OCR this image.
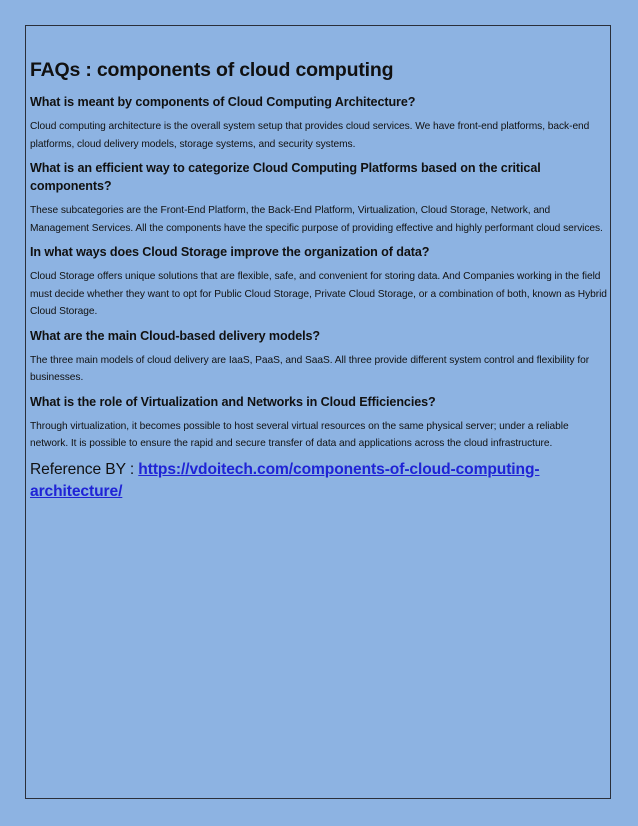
FAQs : components of cloud computing
What is meant by components of Cloud Computing Architecture?

Cloud computing architecture is the overall system setup that provides cloud services. We have front-end platforms, back-end platforms, cloud delivery models, storage systems, and security systems.

What is an efficient way to categorize Cloud Computing Platforms based on the critical components?

These subcategories are the Front-End Platform, the Back-End Platform, Virtualization, Cloud Storage, Network, and Management Services. All the components have the specific purpose of providing effective and highly performant cloud services.

In what ways does Cloud Storage improve the organization of data?

Cloud Storage offers unique solutions that are flexible, safe, and convenient for storing data. And Companies working in the field must decide whether they want to opt for Public Cloud Storage, Private Cloud Storage, or a combination of both, known as Hybrid Cloud Storage.

What are the main Cloud-based delivery models?

The three main models of cloud delivery are IaaS, PaaS, and SaaS. All three provide different system control and flexibility for businesses.

What is the role of Virtualization and Networks in Cloud Efficiencies?

Through virtualization, it becomes possible to host several virtual resources on the same physical server; under a reliable network. It is possible to ensure the rapid and secure transfer of data and applications across the cloud infrastructure.

Reference BY : https://vdoitech.com/components-of-cloud-computing-architecture/
